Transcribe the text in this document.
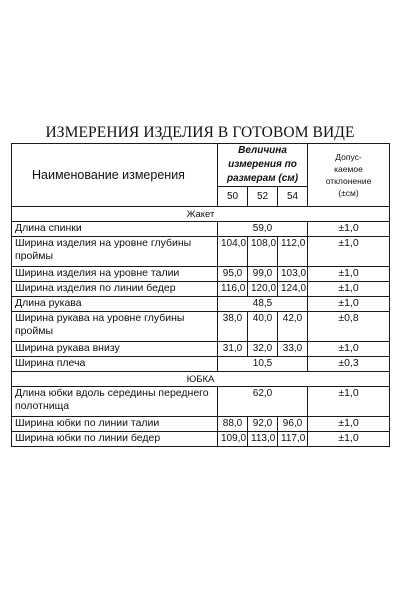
ИЗМЕРЕНИЯ ИЗДЕЛИЯ В ГОТОВОМ ВИДЕ
Наименование измерения	Величина измерения по размерам (см)			Допус-
каемое
отклонение
(±см)

	50	52	54	
Жакет				
Длина спинки	59,0			±1,0
Ширина изделия на уровне глубины проймы	104,0	108,0	112,0	±1,0
Ширина изделия на уровне талии	95,0	99,0	103,0	±1,0
Ширина изделия по линии бедер	116,0	120,0	124,0	±1,0
Длина рукава	48,5			±1,0
Ширина рукава на уровне глубины проймы	38,0	40,0	42,0	±0,8
Ширина рукава внизу	31,0	32,0	33,0	±1,0
Ширина плеча	10,5			±0,3
ЮБКА				
Длина юбки вдоль середины переднего полотнища	62,0			±1,0
Ширина юбки по линии талии	88,0	92,0	96,0	±1,0
Ширина юбки по линии бедер	109,0	113,0	117,0	±1,0
